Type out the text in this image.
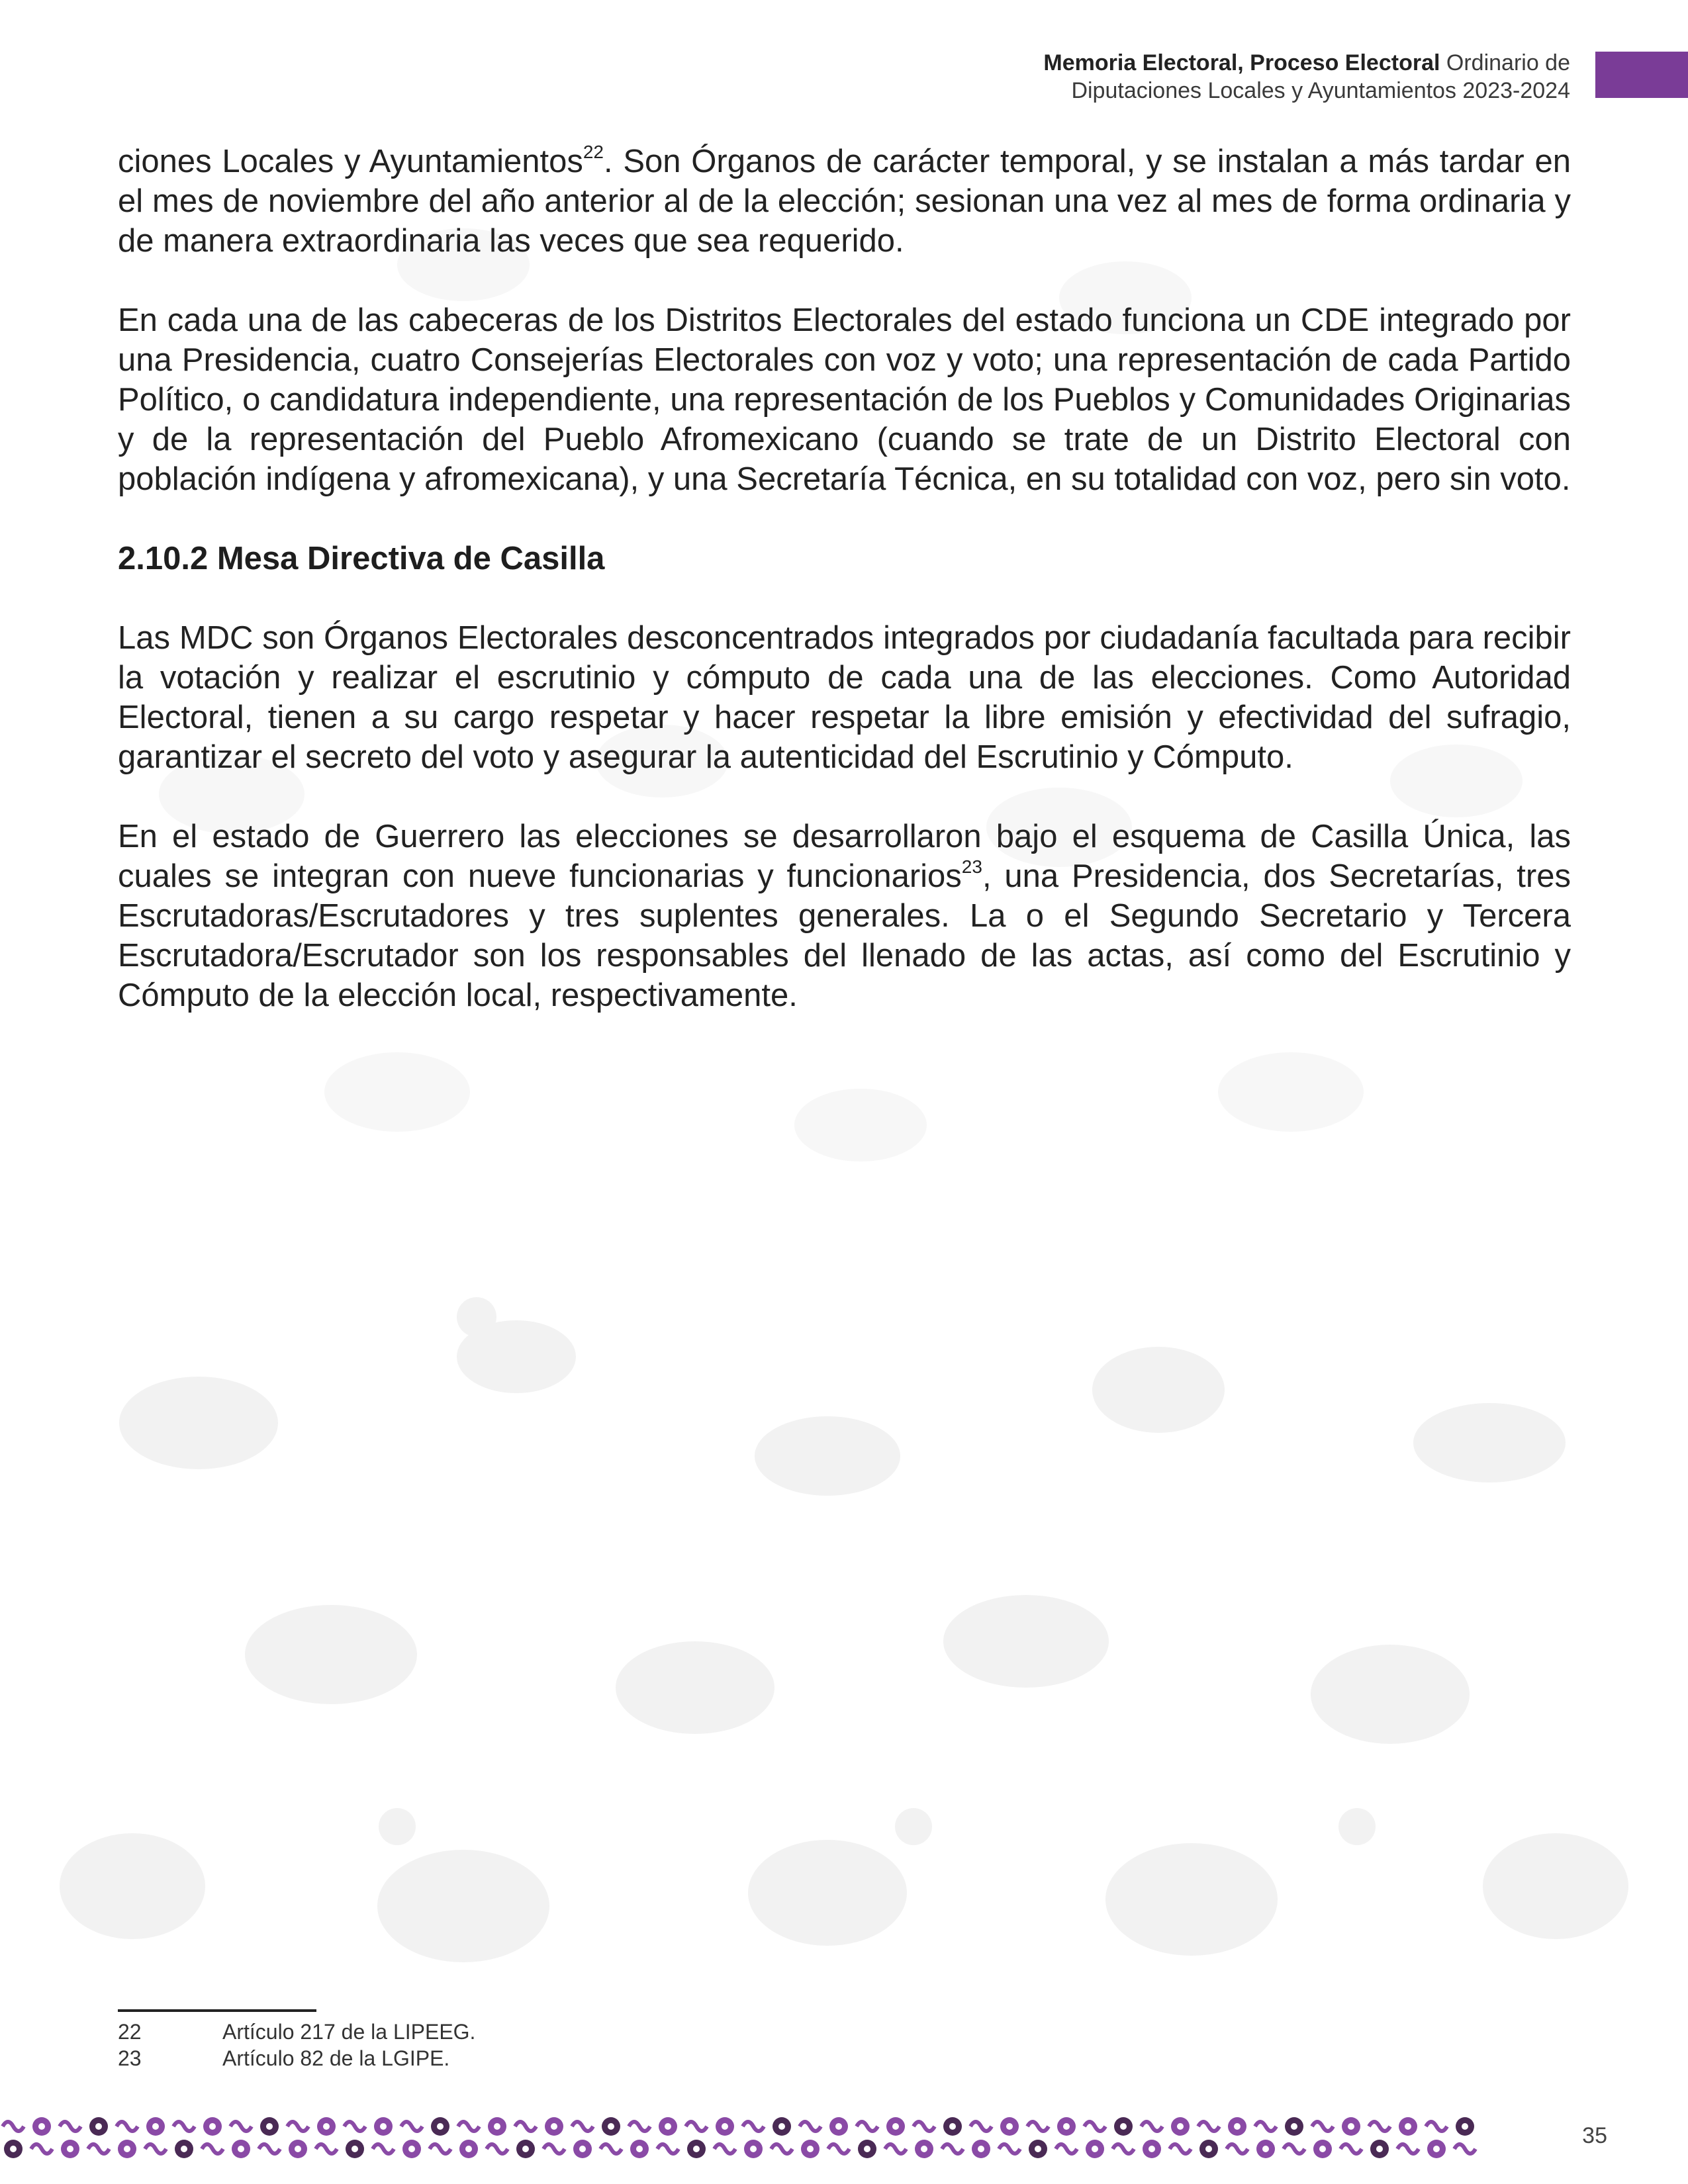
Memoria Electoral, Proceso Electoral Ordinario de
Diputaciones Locales y Ayuntamientos 2023-2024

ciones Locales y Ayuntamientos$^{22}$. Son Órganos de carácter temporal, y se instalan a más tardar en el mes de noviembre del año anterior al de la elección; sesionan una vez al mes de forma ordinaria y de manera extraordinaria las veces que sea requerido.

En cada una de las cabeceras de los Distritos Electorales del estado funciona un CDE integrado por una Presidencia, cuatro Consejerías Electorales con voz y voto; una representación de cada Partido Político, o candidatura independiente, una representación de los Pueblos y Comunidades Originarias y de la representación del Pueblo Afromexicano (cuando se trate de un Distrito Electoral con población indígena y afromexicana), y una Secretaría Técnica, en su totalidad con voz, pero sin voto.

2.10.2 Mesa Directiva de Casilla

Las MDC son Órganos Electorales desconcentrados integrados por ciudadanía facultada para recibir la votación y realizar el escrutinio y cómputo de cada una de las elecciones. Como Autoridad Electoral, tienen a su cargo respetar y hacer respetar la libre emisión y efectividad del sufragio, garantizar el secreto del voto y asegurar la autenticidad del Escrutinio y Cómputo.

En el estado de Guerrero las elecciones se desarrollaron bajo el esquema de Casilla Única, las cuales se integran con nueve funcionarias y funcionarios$^{23}$, una Presidencia, dos Secretarías, tres Escrutadoras/Escrutadores y tres suplentes generales. La o el Segundo Secretario y Tercera Escrutadora/Escrutador son los responsables del llenado de las actas, así como del Escrutinio y Cómputo de la elección local, respectivamente.

22	Artículo 217 de la LIPEEG.
23	Artículo 82 de la LGIPE.
35
